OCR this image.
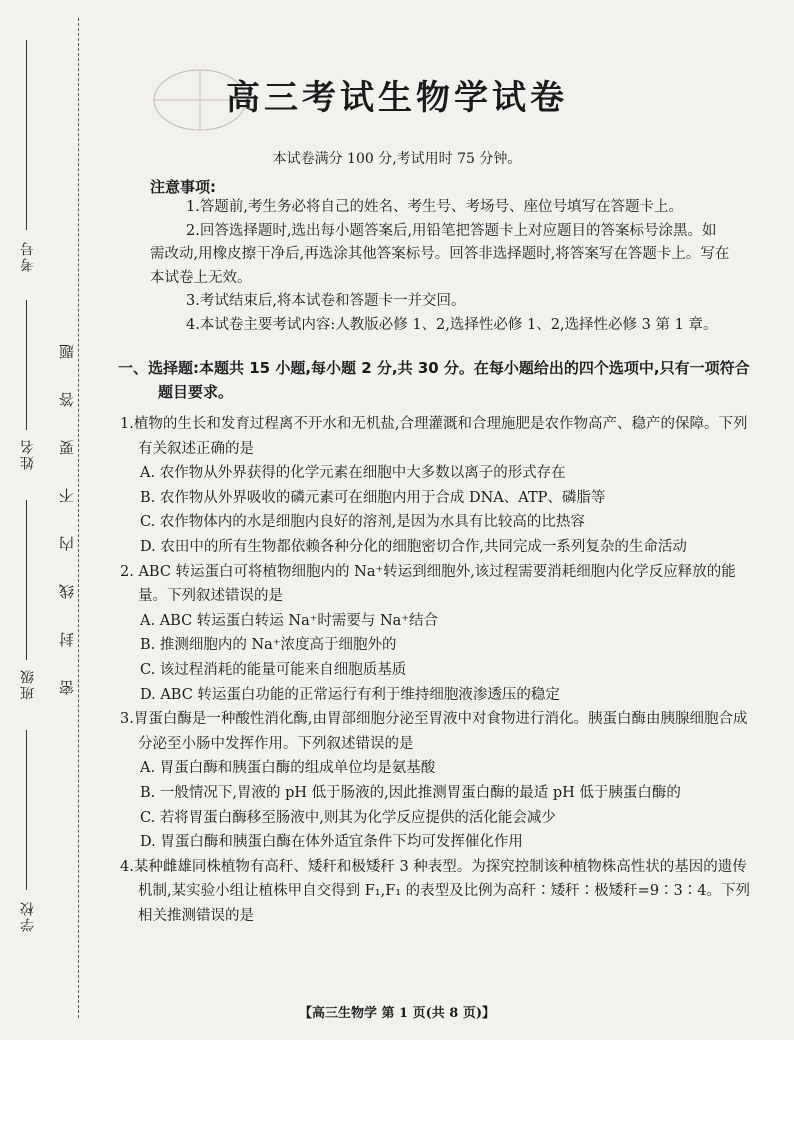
考号
姓名
班级
学校
题
答
要
不
内
线
封
密
高三考试生物学试卷
本试卷满分 100 分,考试用时 75 分钟。
注意事项:

1.答题前,考生务必将自己的姓名、考生号、考场号、座位号填写在答题卡上。

2.回答选择题时,选出每小题答案后,用铅笔把答题卡上对应题目的答案标号涂黑。如需改动,用橡皮擦干净后,再选涂其他答案标号。回答非选择题时,将答案写在答题卡上。写在本试卷上无效。

3.考试结束后,将本试卷和答题卡一并交回。

4.本试卷主要考试内容:人教版必修 1、2,选择性必修 1、2,选择性必修 3 第 1 章。

一、选择题:本题共 15 小题,每小题 2 分,共 30 分。在每小题给出的四个选项中,只有一项符合
题目要求。
1.植物的生长和发育过程离不开水和无机盐,合理灌溉和合理施肥是农作物高产、稳产的保障。下列有关叙述正确的是
A. 农作物从外界获得的化学元素在细胞中大多数以离子的形式存在
B. 农作物从外界吸收的磷元素可在细胞内用于合成 DNA、ATP、磷脂等
C. 农作物体内的水是细胞内良好的溶剂,是因为水具有比较高的比热容
D. 农田中的所有生物都依赖各种分化的细胞密切合作,共同完成一系列复杂的生命活动
2. ABC 转运蛋白可将植物细胞内的 Na⁺转运到细胞外,该过程需要消耗细胞内化学反应释放的能量。下列叙述错误的是
A. ABC 转运蛋白转运 Na⁺时需要与 Na⁺结合
B. 推测细胞内的 Na⁺浓度高于细胞外的
C. 该过程消耗的能量可能来自细胞质基质
D. ABC 转运蛋白功能的正常运行有利于维持细胞液渗透压的稳定
3.胃蛋白酶是一种酸性消化酶,由胃部细胞分泌至胃液中对食物进行消化。胰蛋白酶由胰腺细胞合成分泌至小肠中发挥作用。下列叙述错误的是
A. 胃蛋白酶和胰蛋白酶的组成单位均是氨基酸
B. 一般情况下,胃液的 pH 低于肠液的,因此推测胃蛋白酶的最适 pH 低于胰蛋白酶的
C. 若将胃蛋白酶移至肠液中,则其为化学反应提供的活化能会减少
D. 胃蛋白酶和胰蛋白酶在体外适宜条件下均可发挥催化作用
4.某种雌雄同株植物有高秆、矮秆和极矮秆 3 种表型。为探究控制该种植物株高性状的基因的遗传机制,某实验小组让植株甲自交得到 F₁,F₁ 的表型及比例为高秆∶矮秆∶极矮秆=9∶3∶4。下列相关推测错误的是
【高三生物学 第 1 页(共 8 页)】
